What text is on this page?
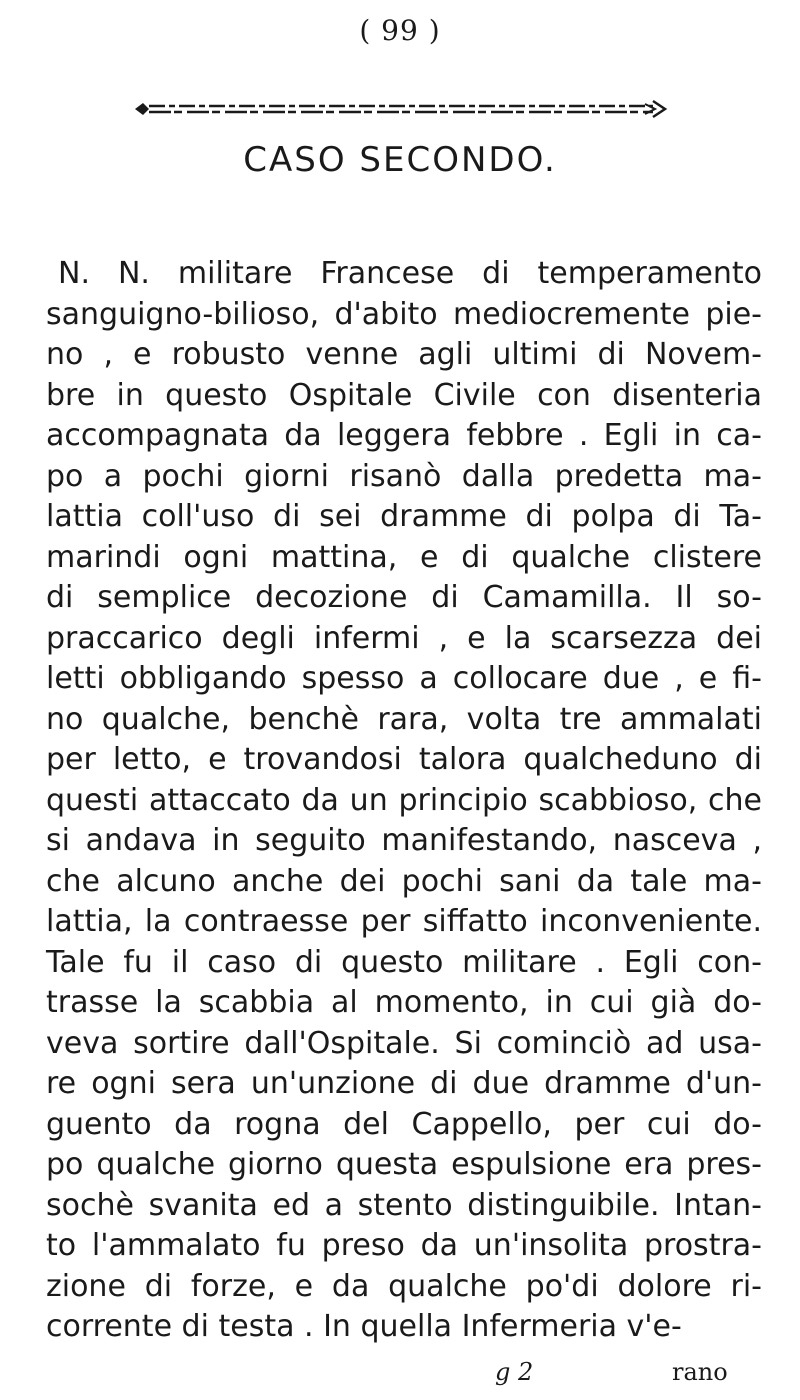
( 99 )
CASO SECONDO.
N. N. militare Francese di temperamento
sanguigno-bilioso, d'abito mediocremente pie-
no , e robusto venne agli ultimi di Novem-
bre in questo Ospitale Civile con disenteria
accompagnata da leggera febbre . Egli in ca-
po a pochi giorni risanò dalla predetta ma-
lattia coll'uso di sei dramme di polpa di Ta-
marindi ogni mattina, e di qualche clistere
di semplice decozione di Camamilla. Il so-
praccarico degli infermi , e la scarsezza dei
letti obbligando spesso a collocare due , e fi-
no qualche, benchè rara, volta tre ammalati
per letto, e trovandosi talora qualcheduno di
questi attaccato da un principio scabbioso, che
si andava in seguito manifestando, nasceva ,
che alcuno anche dei pochi sani da tale ma-
lattia, la contraesse per siffatto inconveniente.
Tale fu il caso di questo militare . Egli con-
trasse la scabbia al momento, in cui già do-
veva sortire dall'Ospitale. Si cominciò ad usa-
re ogni sera un'unzione di due dramme d'un-
guento da rogna del Cappello, per cui do-
po qualche giorno questa espulsione era pres-
sochè svanita ed a stento distinguibile. Intan-
to l'ammalato fu preso da un'insolita prostra-
zione di forze, e da qualche po'di dolore ri-
corrente di testa . In quella Infermeria v'e-
g 2	rano
